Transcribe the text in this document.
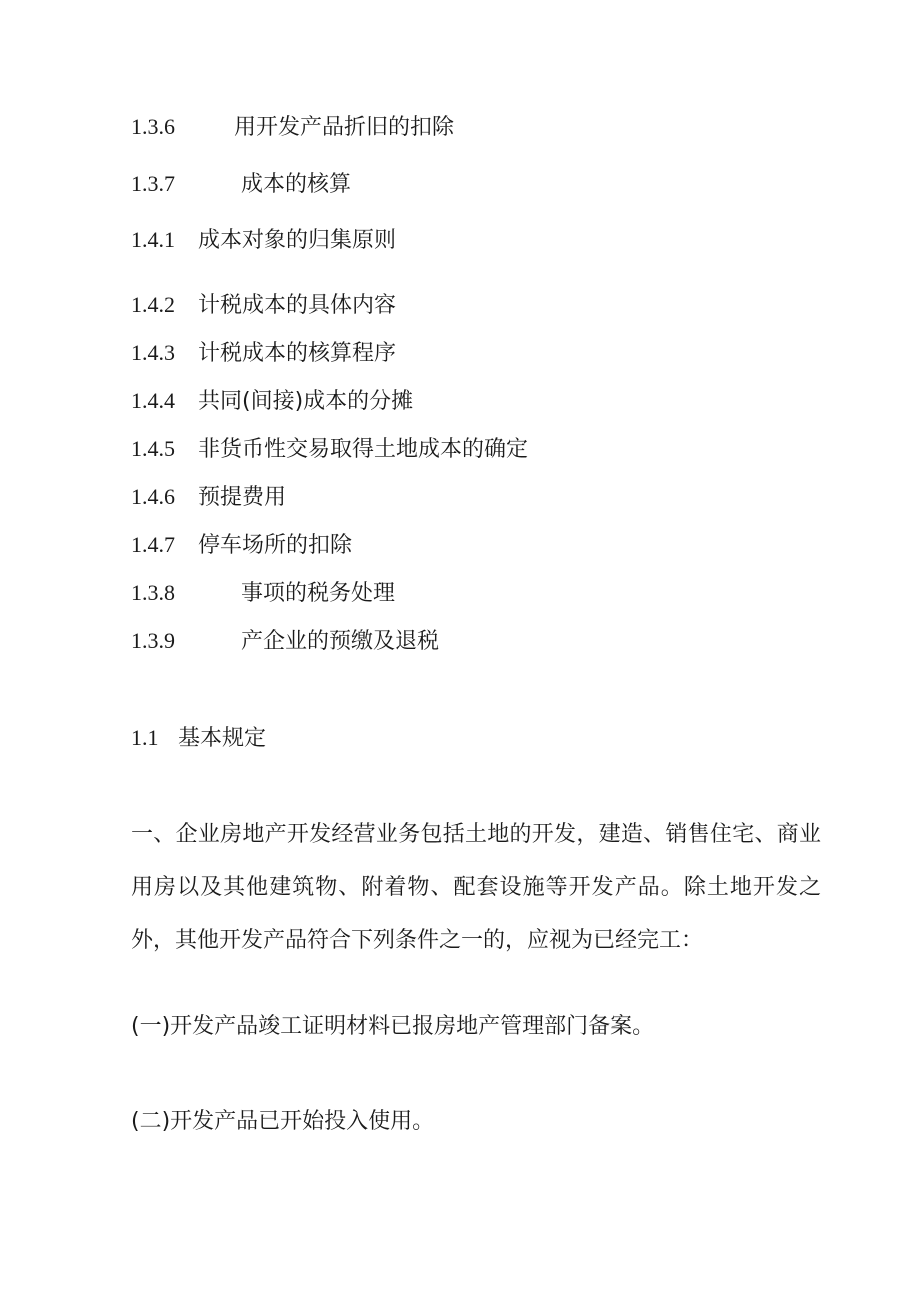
1.3.6	用开发产品折旧的扣除
1.3.7	成本的核算
1.4.1 成本对象的归集原则
1.4.2 计税成本的具体内容
1.4.3 计税成本的核算程序
1.4.4 共同(间接)成本的分摊
1.4.5 非货币性交易取得土地成本的确定
1.4.6 预提费用
1.4.7 停车场所的扣除
1.3.8	事项的税务处理
1.3.9	产企业的预缴及退税
1.1 基本规定
一、企业房地产开发经营业务包括土地的开发，建造、销售住宅、商业用房以及其他建筑物、附着物、配套设施等开发产品。除土地开发之外，其他开发产品符合下列条件之一的，应视为已经完工：
(一)开发产品竣工证明材料已报房地产管理部门备案。
(二)开发产品已开始投入使用。
